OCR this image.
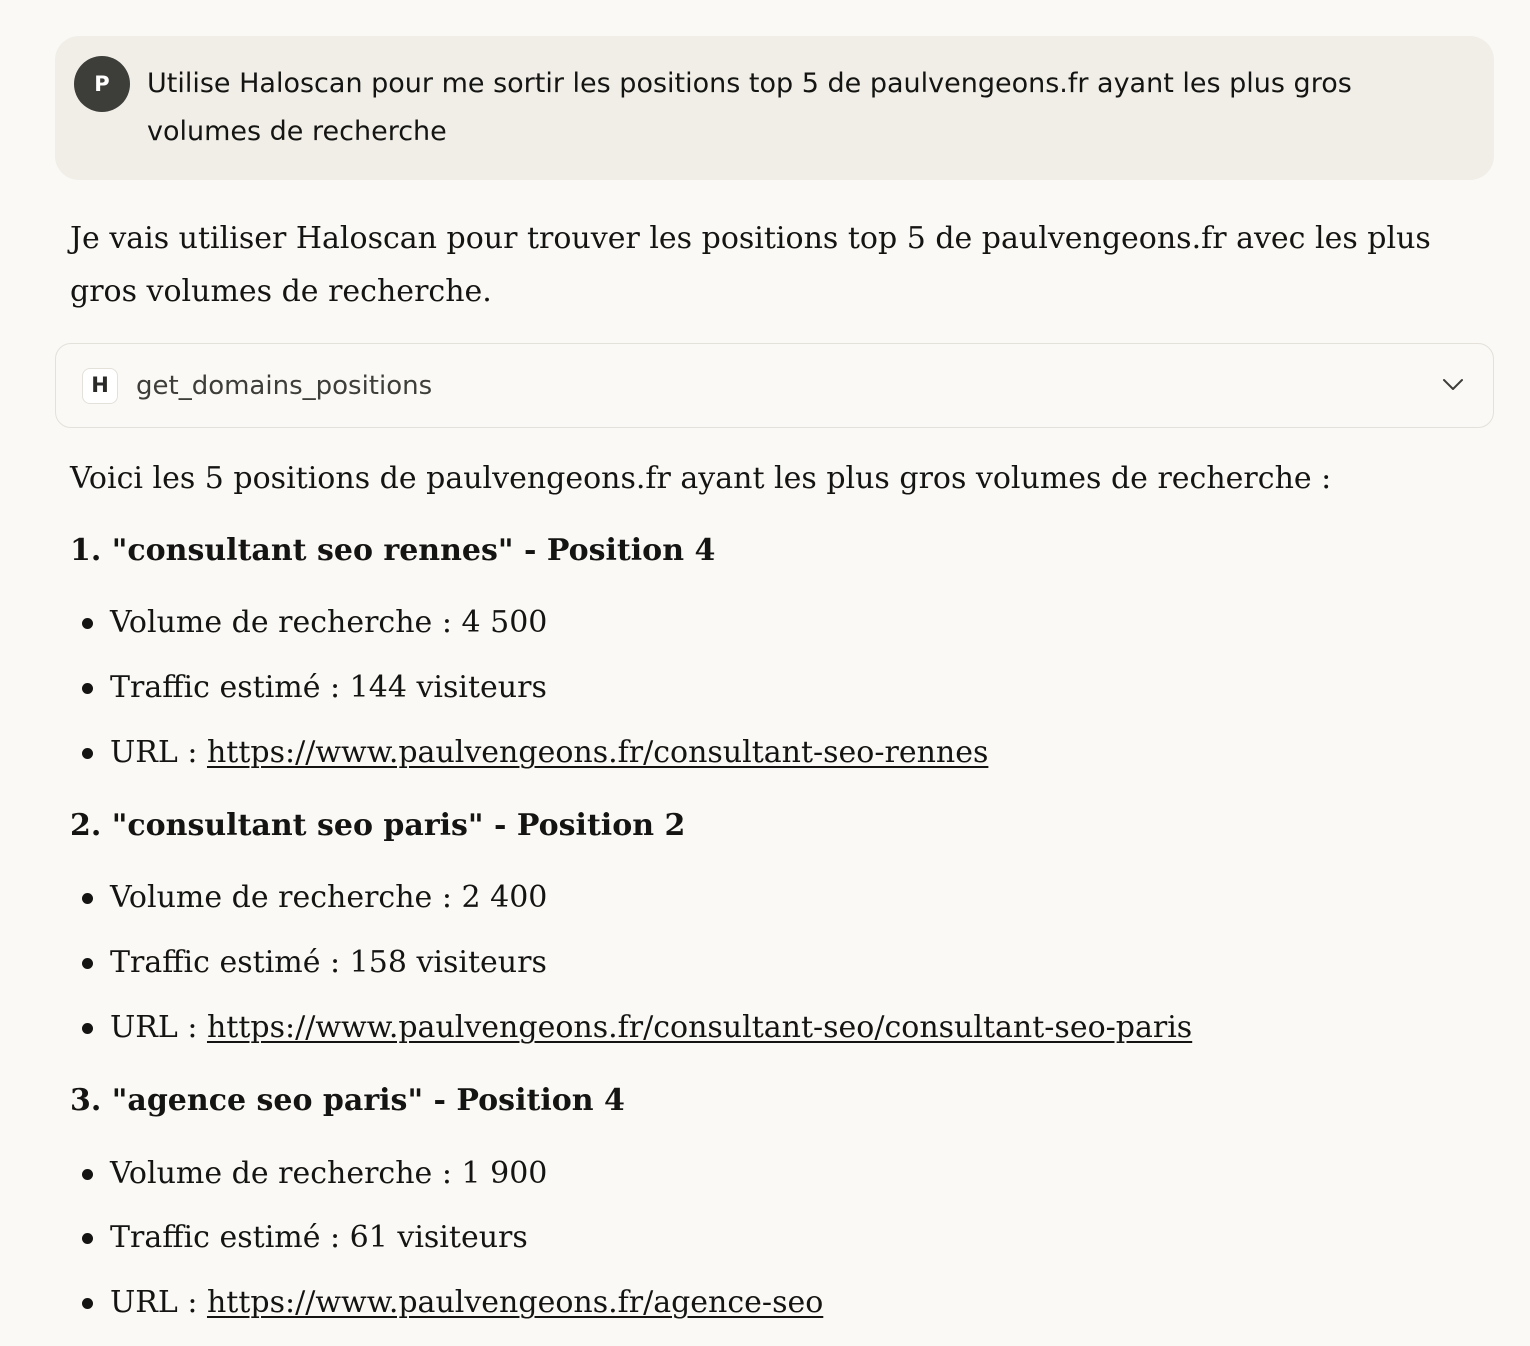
P	Utilise Haloscan pour me sortir les positions top 5 de paulvengeons.fr ayant les plus gros volumes de recherche
Je vais utiliser Haloscan pour trouver les positions top 5 de paulvengeons.fr avec les plus gros volumes de recherche.
H	get_domains_positions
Voici les 5 positions de paulvengeons.fr ayant les plus gros volumes de recherche :
1. "consultant seo rennes" - Position 4
Volume de recherche : 4 500
Traffic estimé : 144 visiteurs
URL : https://www.paulvengeons.fr/consultant-seo-rennes
2. "consultant seo paris" - Position 2
Volume de recherche : 2 400
Traffic estimé : 158 visiteurs
URL : https://www.paulvengeons.fr/consultant-seo/consultant-seo-paris
3. "agence seo paris" - Position 4
Volume de recherche : 1 900
Traffic estimé : 61 visiteurs
URL : https://www.paulvengeons.fr/agence-seo
